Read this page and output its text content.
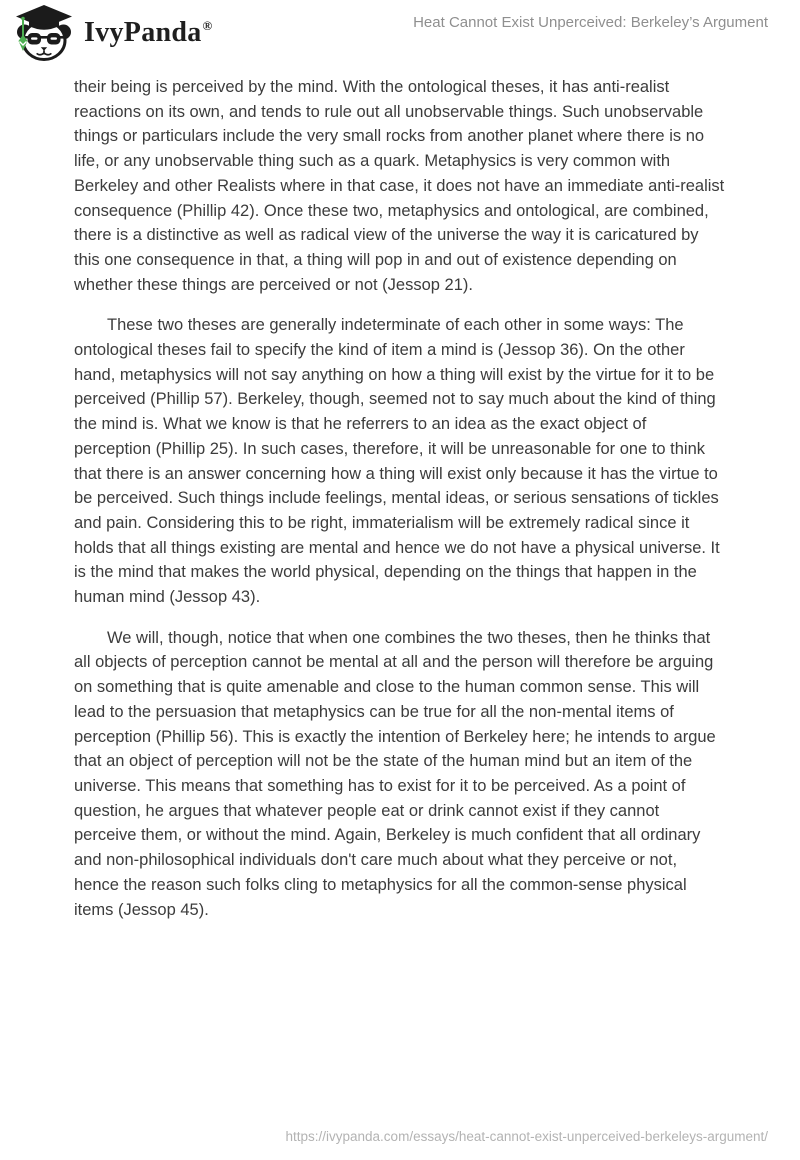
IvyPanda®	Heat Cannot Exist Unperceived: Berkeley’s Argument

their being is perceived by the mind. With the ontological theses, it has anti-realist reactions on its own, and tends to rule out all unobservable things. Such unobservable things or particulars include the very small rocks from another planet where there is no life, or any unobservable thing such as a quark. Metaphysics is very common with Berkeley and other Realists where in that case, it does not have an immediate anti-realist consequence (Phillip 42). Once these two, metaphysics and ontological, are combined, there is a distinctive as well as radical view of the universe the way it is caricatured by this one consequence in that, a thing will pop in and out of existence depending on whether these things are perceived or not (Jessop 21).

These two theses are generally indeterminate of each other in some ways: The ontological theses fail to specify the kind of item a mind is (Jessop 36). On the other hand, metaphysics will not say anything on how a thing will exist by the virtue for it to be perceived (Phillip 57). Berkeley, though, seemed not to say much about the kind of thing the mind is. What we know is that he referrers to an idea as the exact object of perception (Phillip 25). In such cases, therefore, it will be unreasonable for one to think that there is an answer concerning how a thing will exist only because it has the virtue to be perceived. Such things include feelings, mental ideas, or serious sensations of tickles and pain. Considering this to be right, immaterialism will be extremely radical since it holds that all things existing are mental and hence we do not have a physical universe. It is the mind that makes the world physical, depending on the things that happen in the human mind (Jessop 43).

We will, though, notice that when one combines the two theses, then he thinks that all objects of perception cannot be mental at all and the person will therefore be arguing on something that is quite amenable and close to the human common sense. This will lead to the persuasion that metaphysics can be true for all the non-mental items of perception (Phillip 56). This is exactly the intention of Berkeley here; he intends to argue that an object of perception will not be the state of the human mind but an item of the universe. This means that something has to exist for it to be perceived. As a point of question, he argues that whatever people eat or drink cannot exist if they cannot perceive them, or without the mind. Again, Berkeley is much confident that all ordinary and non-philosophical individuals don't care much about what they perceive or not, hence the reason such folks cling to metaphysics for all the common-sense physical items (Jessop 45).

https://ivypanda.com/essays/heat-cannot-exist-unperceived-berkeleys-argument/
